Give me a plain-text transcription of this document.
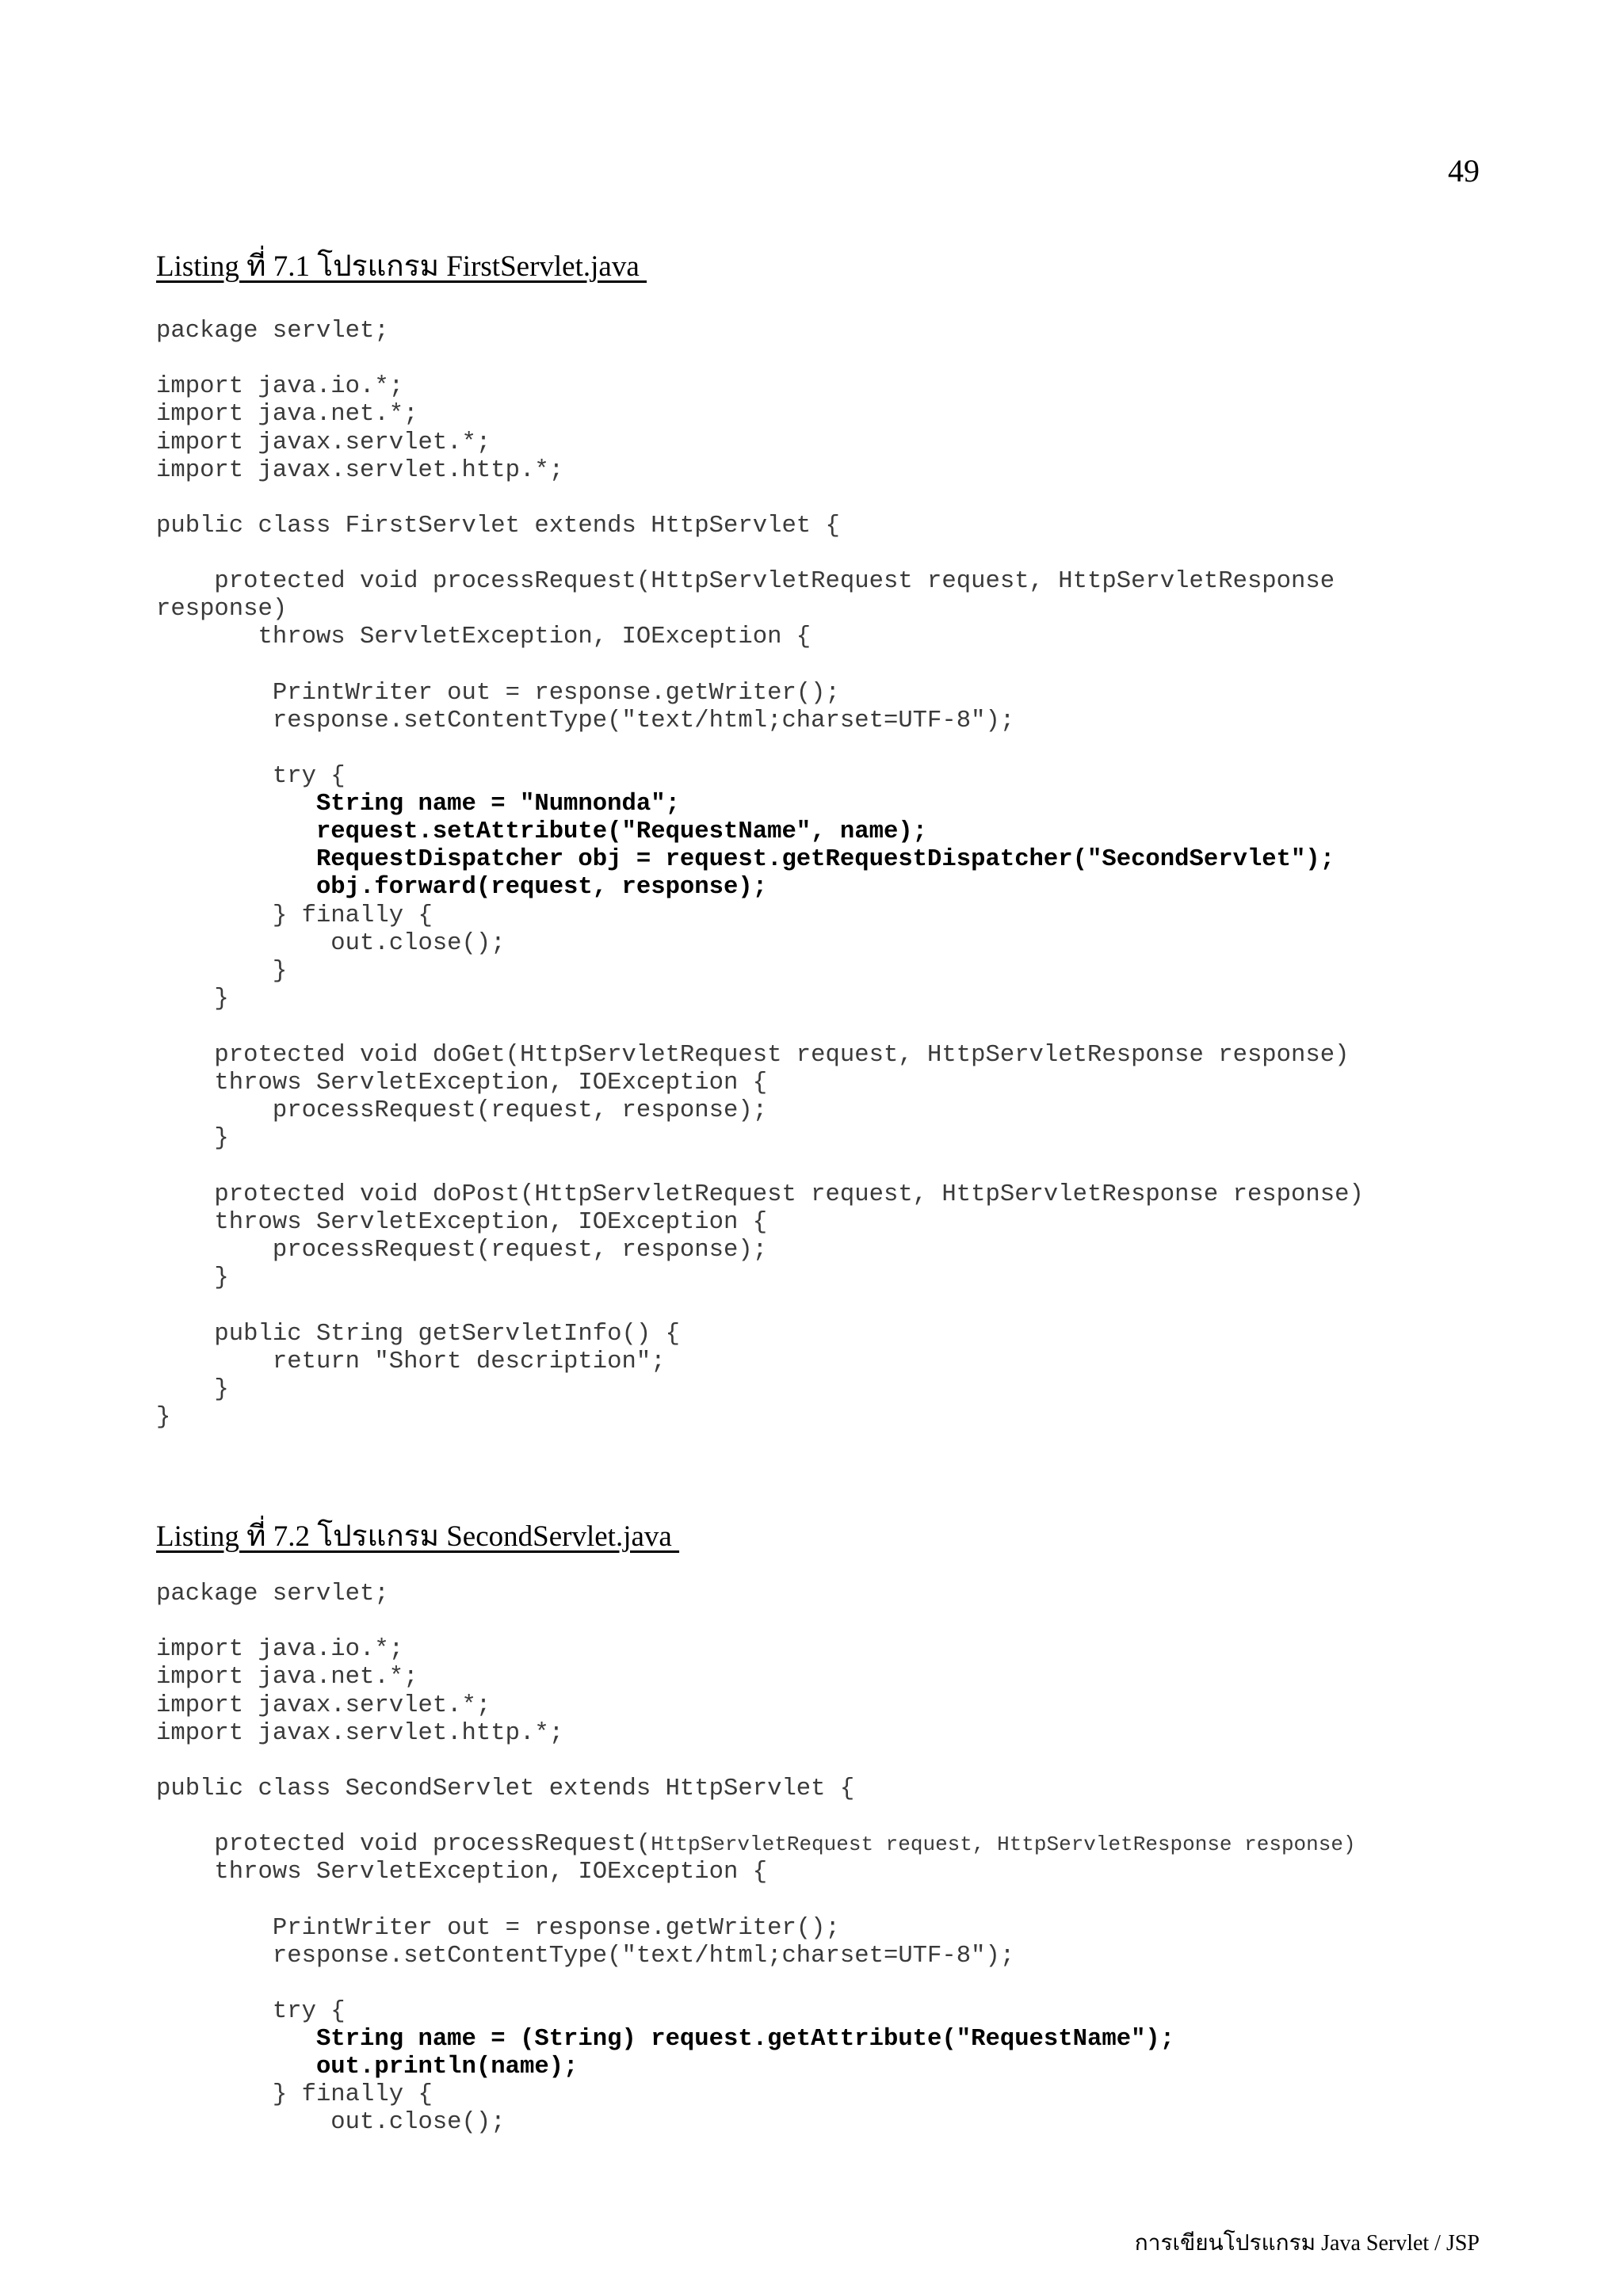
49
Listing ที่ 7.1 โปรแกรม FirstServlet.java
package servlet;
import java.io.*;
import java.net.*;
import javax.servlet.*;
import javax.servlet.http.*;
public class FirstServlet extends HttpServlet {
protected void processRequest(HttpServletRequest request, HttpServletResponse
response)
throws ServletException, IOException {
PrintWriter out = response.getWriter();
response.setContentType("text/html;charset=UTF-8");
try {
String name = "Numnonda";
request.setAttribute("RequestName", name);
RequestDispatcher obj = request.getRequestDispatcher("SecondServlet");
obj.forward(request, response);
} finally {
out.close();
}
}
protected void doGet(HttpServletRequest request, HttpServletResponse response)
throws ServletException, IOException {
processRequest(request, response);
}
protected void doPost(HttpServletRequest request, HttpServletResponse response)
throws ServletException, IOException {
processRequest(request, response);
}
public String getServletInfo() {
return "Short description";
}
}
Listing ที่ 7.2 โปรแกรม SecondServlet.java
package servlet;
import java.io.*;
import java.net.*;
import javax.servlet.*;
import javax.servlet.http.*;
public class SecondServlet extends HttpServlet {
protected void processRequest(HttpServletRequest request, HttpServletResponse response)
throws ServletException, IOException {
PrintWriter out = response.getWriter();
response.setContentType("text/html;charset=UTF-8");
try {
String name = (String) request.getAttribute("RequestName");
out.println(name);
} finally {
out.close();
การเขียนโปรแกรม Java Servlet / JSP
